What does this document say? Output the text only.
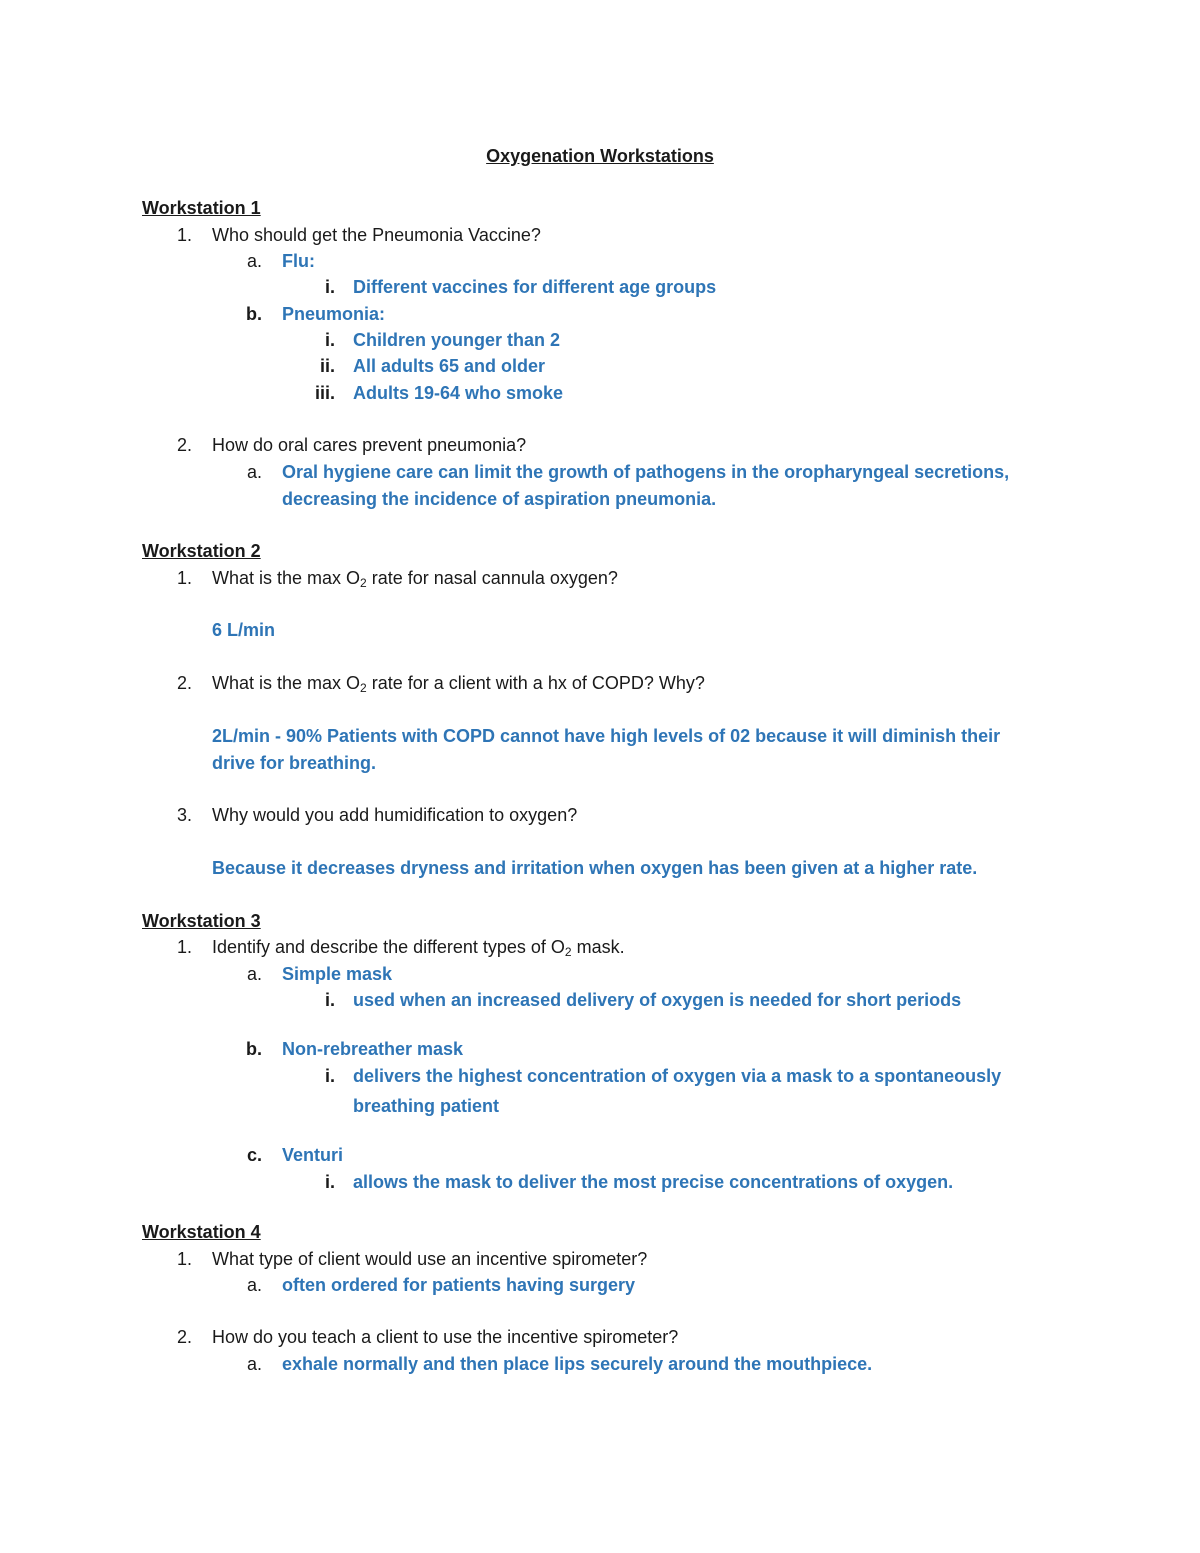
Oxygenation Workstations
Workstation 1
1. Who should get the Pneumonia Vaccine?
a. Flu:
i. Different vaccines for different age groups
b. Pneumonia:
i. Children younger than 2
ii. All adults 65 and older
iii. Adults 19-64 who smoke
2. How do oral cares prevent pneumonia?
a. Oral hygiene care can limit the growth of pathogens in the oropharyngeal secretions,
decreasing the incidence of aspiration pneumonia.
Workstation 2
1. What is the $\max O_2$ rate for nasal cannula oxygen?
6 L/min
2. What is the $\max O_2$ rate for a client with a hx of COPD? Why?
2L/min - 90% Patients with COPD cannot have high levels of 02 because it will diminish their
drive for breathing.
3. Why would you add humidification to oxygen?
Because it decreases dryness and irritation when oxygen has been given at a higher rate.
Workstation 3
1. Identify and describe the different types of $O_2$ mask.
a. Simple mask
i. used when an increased delivery of oxygen is needed for short periods
b. Non-rebreather mask
i. delivers the highest concentration of oxygen via a mask to a spontaneously
breathing patient
c. Venturi
i. allows the mask to deliver the most precise concentrations of oxygen.
Workstation 4
1. What type of client would use an incentive spirometer?
a. often ordered for patients having surgery
2. How do you teach a client to use the incentive spirometer?
a. exhale normally and then place lips securely around the mouthpiece.
